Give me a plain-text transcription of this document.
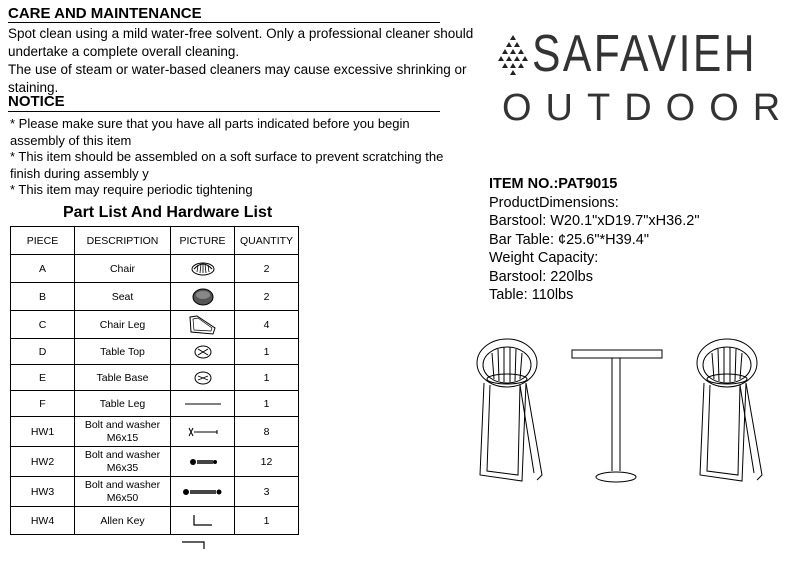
CARE AND MAINTENANCE
Spot clean using a mild water-free solvent. Only a professional cleaner should
undertake a complete overall cleaning.
The use of steam or water-based cleaners may cause excessive shrinking or
staining.
NOTICE
* Please make sure that you have all parts indicated before you begin
assembly of this item
* This item should be assembled on a soft surface to prevent scratching the
finish during assembly y
* This item may require periodic tightening
Part List And Hardware List
PIECE	DESCRIPTION	PICTURE	QUANTITY
A	Chair		2
B	Seat		2
C	Chair Leg		4
D	Table Top		1
E	Table Base		1
F	Table Leg		1
HW1	Bolt and washer M6x15		8
HW2	Bolt and washer M6x35		12
HW3	Bolt and washer M6x50		3
HW4	Allen Key		1
SAFAVIEH
OUTDOOR
ITEM NO.:PAT9015
ProductDimensions:
Barstool: W20.1"xD19.7"xH36.2"
Bar Table: ¢25.6"*H39.4"
Weight Capacity:
Barstool: 220lbs
Table: 110lbs
